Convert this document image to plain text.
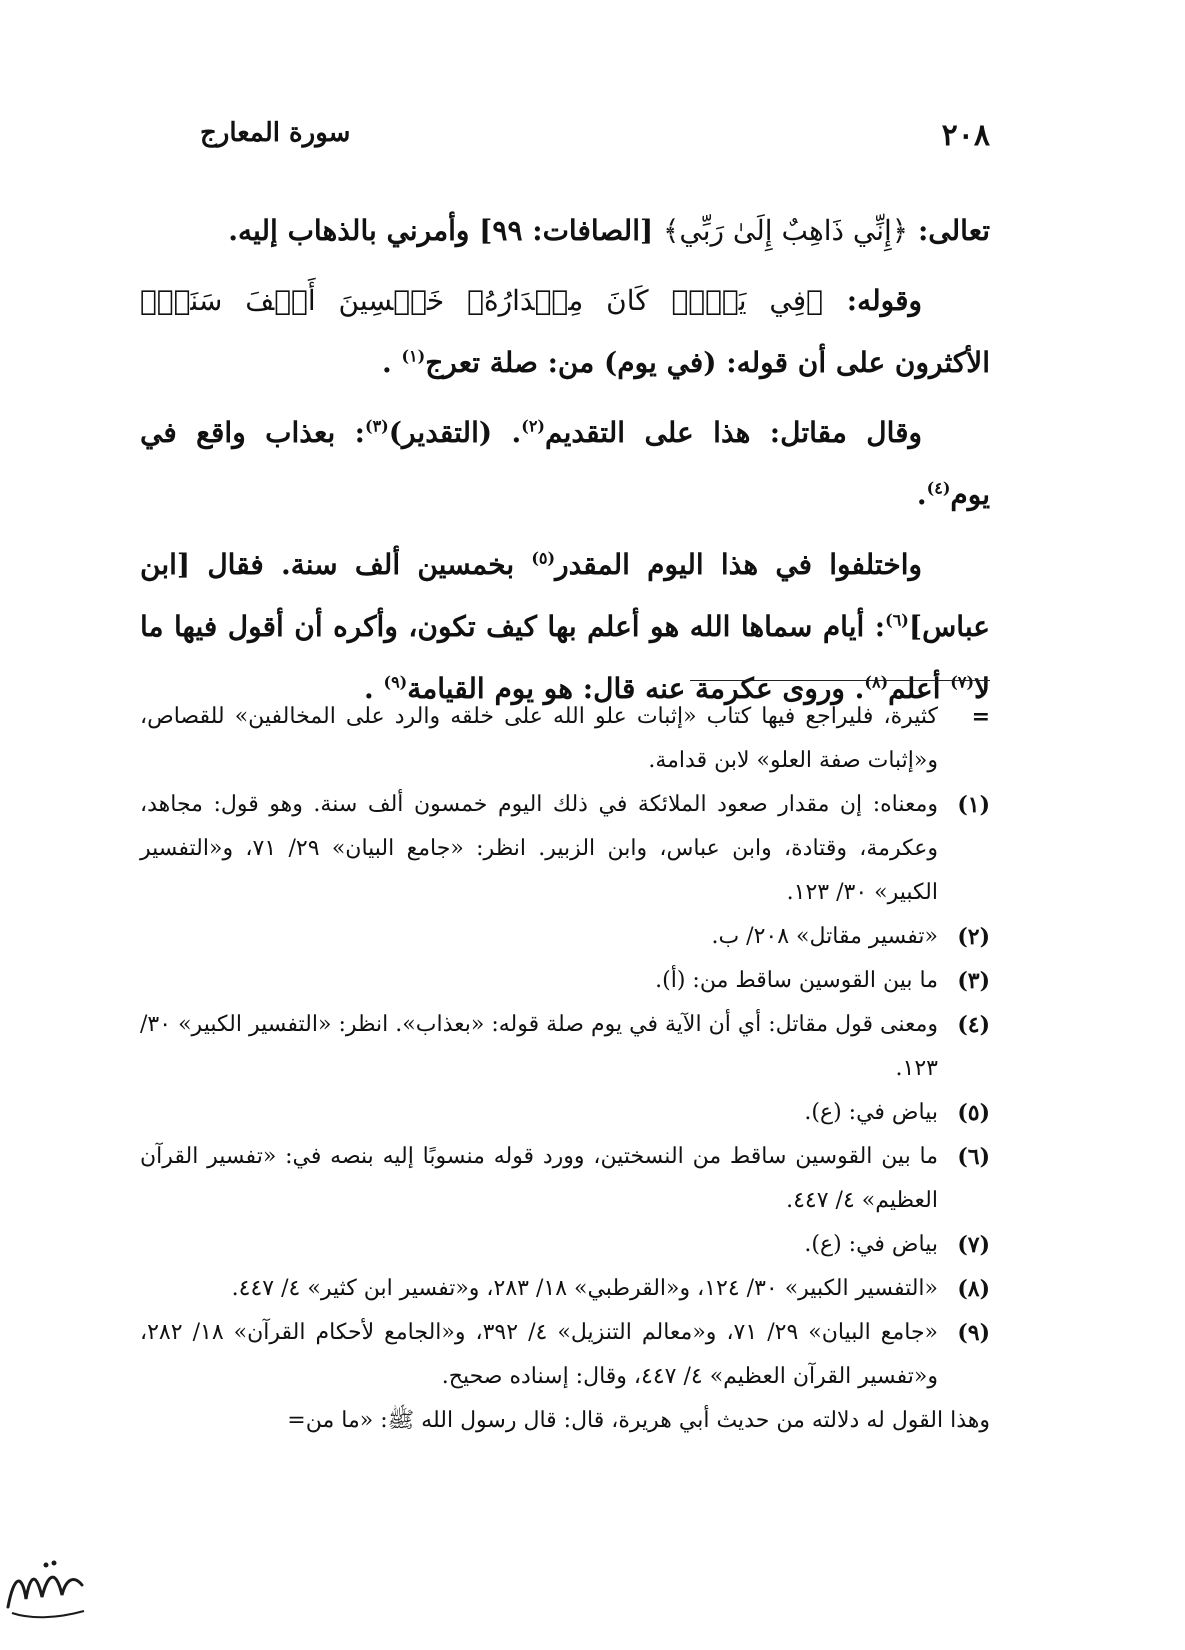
٢٠٨
سورة المعارج

تعالى: ﴿إِنِّي ذَاهِبٌ إِلَىٰ رَبِّي﴾ [الصافات: ٩٩] وأمرني بالذهاب إليه.

وقوله: ﴿فِي يَوۡمٖ كَانَ مِقۡدَارُهُۥ خَمۡسِينَ أَلۡفَ سَنَةٖ﴾ الأكثرون على أن قوله: (في يوم) من: صلة تعرج$^{(١)}$ .

وقال مقاتل: هذا على التقديم$^{(٢)}$. (التقدير)$^{(٣)}$: بعذاب واقع في يوم$^{(٤)}$.

واختلفوا في هذا اليوم المقدر$^{(٥)}$ بخمسين ألف سنة. فقال [ابن عباس]$^{(٦)}$: أيام سماها الله هو أعلم بها كيف تكون، وأكره أن أقول فيها ما لا$^{(٧)}$ أعلم$^{(٨)}$. وروى عكرمة عنه قال: هو يوم القيامة$^{(٩)}$ .

=
كثيرة، فليراجع فيها كتاب «إثبات علو الله على خلقه والرد على المخالفين» للقصاص، و«إثبات صفة العلو» لابن قدامة.

(١)
ومعناه: إن مقدار صعود الملائكة في ذلك اليوم خمسون ألف سنة. وهو قول: مجاهد، وعكرمة، وقتادة، وابن عباس، وابن الزبير. انظر: «جامع البيان» ٢٩/ ٧١، و«التفسير الكبير» ٣٠/ ١٢٣.

(٢)
«تفسير مقاتل» ٢٠٨/ ب.

(٣)
ما بين القوسين ساقط من: (أ).

(٤)
ومعنى قول مقاتل: أي أن الآية في يوم صلة قوله: «بعذاب». انظر: «التفسير الكبير» ٣٠/ ١٢٣.

(٥)
بياض في: (ع).

(٦)
ما بين القوسين ساقط من النسختين، وورد قوله منسوبًا إليه بنصه في: «تفسير القرآن العظيم» ٤/ ٤٤٧.

(٧)
بياض في: (ع).

(٨)
«التفسير الكبير» ٣٠/ ١٢٤، و«القرطبي» ١٨/ ٢٨٣، و«تفسير ابن كثير» ٤/ ٤٤٧.

(٩)
«جامع البيان» ٢٩/ ٧١، و«معالم التنزيل» ٤/ ٣٩٢، و«الجامع لأحكام القرآن» ١٨/ ٢٨٢، و«تفسير القرآن العظيم» ٤/ ٤٤٧، وقال: إسناده صحيح.

وهذا القول له دلالته من حديث أبي هريرة، قال: قال رسول الله ﷺ: «ما من=
